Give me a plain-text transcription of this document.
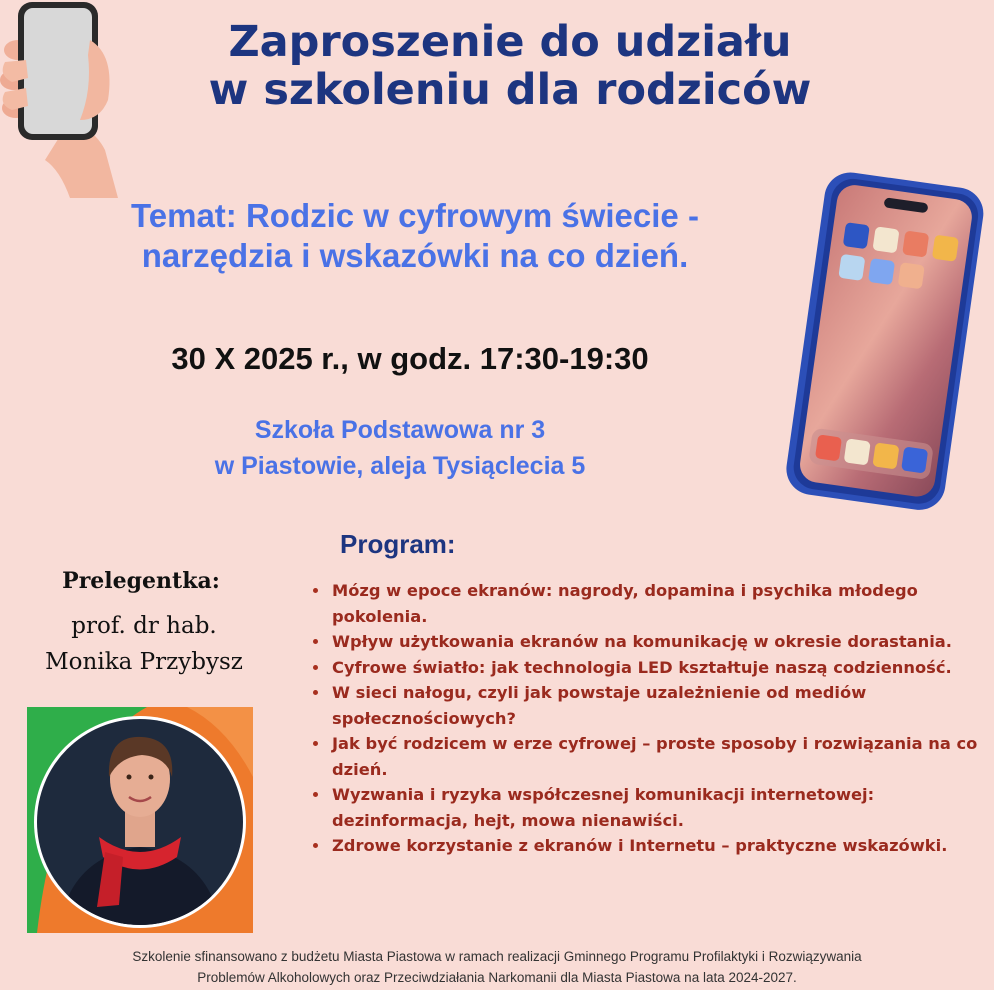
Zaproszenie do udziału
w szkoleniu dla rodziców
Temat: Rodzic w cyfrowym świecie -
narzędzia i wskazówki na co dzień.
30 X 2025 r., w godz. 17:30-19:30
Szkoła Podstawowa nr 3
w Piastowie, aleja Tysiąclecia 5
Program:
Prelegentka:
prof. dr hab.
Monika Przybysz
• Mózg w epoce ekranów: nagrody, dopamina i psychika młodego pokolenia.
• Wpływ użytkowania ekranów na komunikację w okresie dorastania.
• Cyfrowe światło: jak technologia LED kształtuje naszą codzienność.
• W sieci nałogu, czyli jak powstaje uzależnienie od mediów społecznościowych?
• Jak być rodzicem w erze cyfrowej – proste sposoby i rozwiązania na co dzień.
• Wyzwania i ryzyka współczesnej komunikacji internetowej: dezinformacja, hejt, mowa nienawiści.
• Zdrowe korzystanie z ekranów i Internetu – praktyczne wskazówki.
Szkolenie sfinansowano z budżetu Miasta Piastowa w ramach realizacji Gminnego Programu Profilaktyki i Rozwiązywania
Problemów Alkoholowych oraz Przeciwdziałania Narkomanii dla Miasta Piastowa na lata 2024-2027.
